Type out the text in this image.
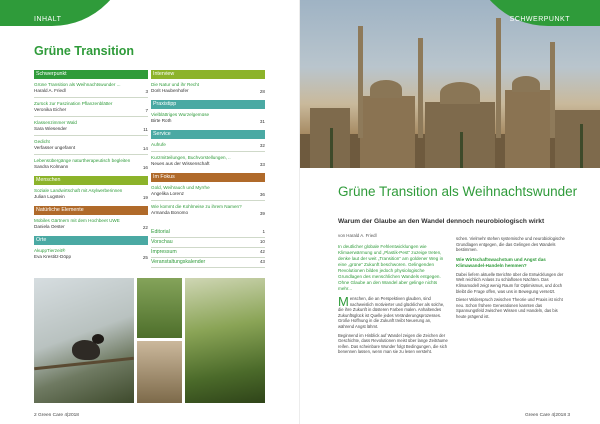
INHALT
Grüne Transition
Schwerpunkt
Grüne Transition als Weihnachtswunder ...
Harald A. Friedl	3
Zurück zur Faszination Pflanzenblätter
Veronika Eicher	7
Klassenzimmer Wald
Sara Wiesender	11
Gedicht
Verfasser ungefannt	14
Lebensübergänge naturtherapeutisch begleiten
Sandra Kolmann	16
Menschen
Soziale Landwirtschaft mit Asylwerberinnen
Julian Lugstein	19
Natürliche Elemente
Mobiles Gärtnern mit dem Hochbeet UWE
Daniela Oester	22
Orte
AkuppTierzeit®
Eva Krestitz-Döpp	25
Interview
Die Natur und ihr Recht
Dorit Haubenhofer	28
Praxistipp
Vielblättriges Wurzelgemüse
Birte Roth	31
Service
Aufrufe	32
Kurzmitteilungen, Buchvorstellungen, ..
Neues aus der Wissenschaft	33
Im Fokus
Gold, Weihrauch und Myrrhe
Angelika Lorenz	36
Wie kommt die Kohlmeise zu ihrem Namen?
Armanda Bonomo	39
Editorial	1
Vorschau	10
Impressum	42
Veranstaltungskalender	43
2 Green Care 4|2018
SCHWERPUNKT
Grüne Transition als Weihnachtswunder
Warum der Glaube an den Wandel dennoch neurobiologisch wirkt
von Harald A. Friedl
In deutlicher globale Fehlentwicklungen wie Klimaerwärmung und „Plastik-Pest“ zuzeige treten, denke laut der weit „Transition“ am goldener Weg in eine „grüne“ Zukunft beschworen. Gelingenden Revolutionen bilden jedoch physiologische Grundlagen des menschlichen Wandels entgegen. Ohne Glaube an den Wandel aber gelinge nichts mehr...

Menschen, die an Perspektiven glauben, sind nachweislich motivierter und glücklicher als solche, die ihre Zukunft in düsteren Farben malen. Anhaltendes Zukunftsglück ist Quelle jedes Veränderungsprozesses. Große Hoffnung in die Zukunft treibt Neuerung an, während Angst lähmt.

Beginnend im Hinblick auf Wandel zeigen die Zeichen der Geschichte, dass Revolutionen meist über lange Zeiträume reifen. Das scheinbare Wunder folgt Bedingungen, die sich benennen lassen, wenn man sie zu lesen versteht.

schen. Vielmehr stehen systemische und neurobiologische Grundlagen entgegen, die das Gelingen des Wandels bestimmen.

Wie Wirtschaftswachstum und Angst das Klimawandel-Handeln hemmen?

Dabei liefern aktuelle Berichte über die Entwicklungen der Welt reichlich Anlass zu schlaflosen Nächten. Das Klimamodell zeigt wenig Raum für Optimismus, und doch bleibt die Frage offen, was uns in Bewegung versetzt.

Dieser Widerspruch zwischen Theorie und Praxis ist nicht neu. Schon frühere Generationen kannten das Spannungsfeld zwischen Wissen und Handeln, das bis heute prägend ist.

Green Care 4|2018 3
